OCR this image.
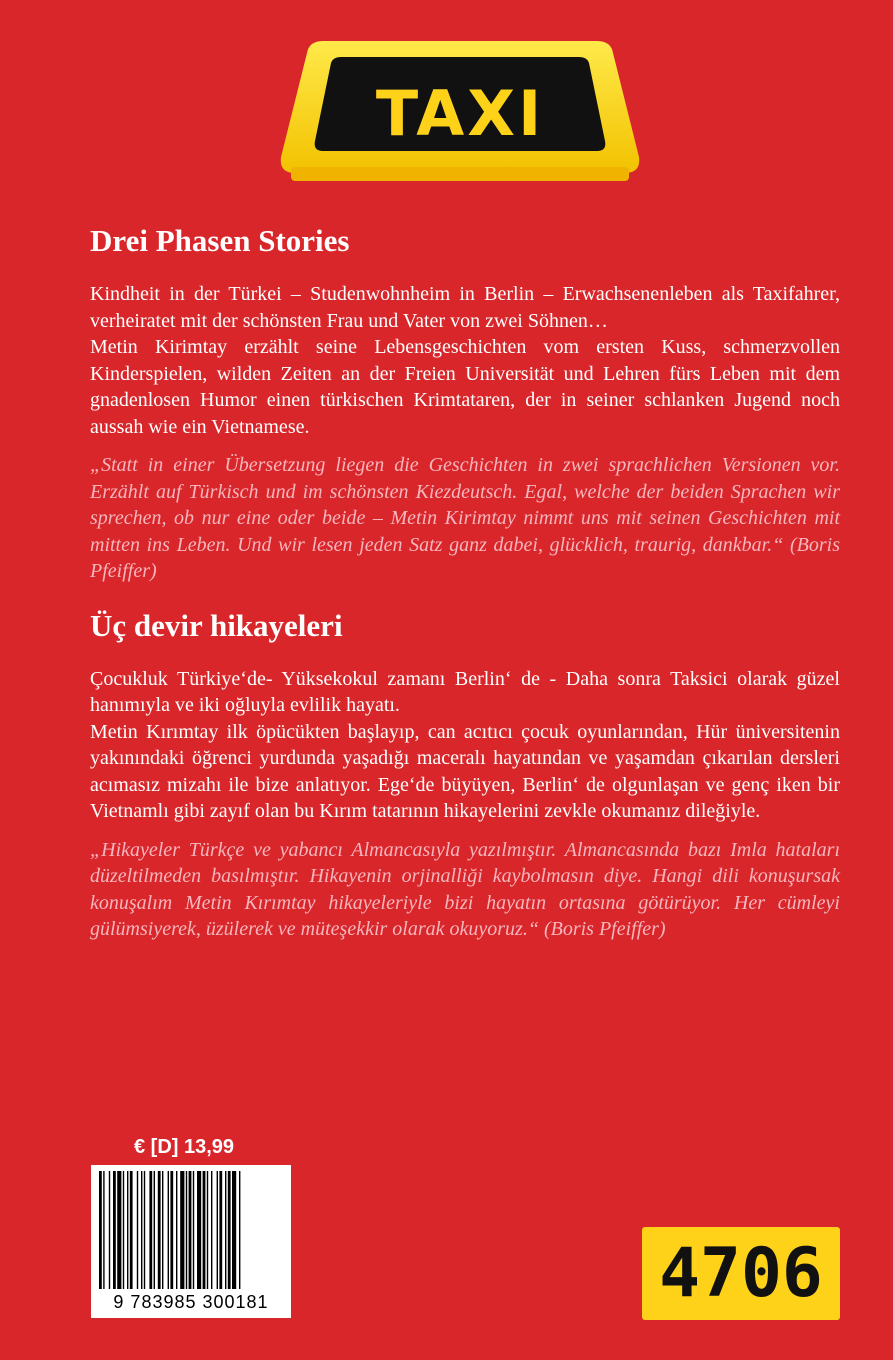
TAXI
Drei Phasen Stories

Kindheit in der Türkei – Studenwohnheim in Berlin – Erwachsenenleben als Taxifahrer, verheiratet mit der schönsten Frau und Vater von zwei Söhnen…

Metin Kirimtay erzählt seine Lebensgeschichten vom ersten Kuss, schmerzvollen Kinderspielen, wilden Zeiten an der Freien Universität und Lehren fürs Leben mit dem gnadenlosen Humor einen türkischen Krimtataren, der in seiner schlanken Jugend noch aussah wie ein Vietnamese.

„Statt in einer Übersetzung liegen die Geschichten in zwei sprachlichen Versionen vor. Erzählt auf Türkisch und im schönsten Kiezdeutsch. Egal, welche der beiden Sprachen wir sprechen, ob nur eine oder beide – Metin Kirimtay nimmt uns mit seinen Geschichten mit mitten ins Leben. Und wir lesen jeden Satz ganz dabei, glücklich, traurig, dankbar.“ (Boris Pfeiffer)

Üç devir hikayeleri

Çocukluk Türkiye‘de- Yüksekokul zamanı Berlin‘ de - Daha sonra Taksici olarak güzel hanımıyla ve iki oğluyla evlilik hayatı.

Metin Kırımtay ilk öpücükten başlayıp, can acıtıcı çocuk oyunlarından, Hür üniversitenin yakınındaki öğrenci yurdunda yaşadığı maceralı hayatından ve yaşamdan çıkarılan dersleri acımasız mizahı ile bize anlatıyor. Ege‘de büyüyen, Berlin‘ de olgunlaşan ve genç iken bir Vietnamlı gibi zayıf olan bu Kırım tatarının hikayelerini zevkle okumanız dileğiyle.

„Hikayeler Türkçe ve yabancı Almancasıyla yazılmıştır. Almancasında bazı Imla hataları düzeltilmeden basılmıştır. Hikayenin orjinalliği kaybolmasın diye. Hangi dili konuşursak konuşalım Metin Kırımtay hikayeleriyle bizi hayatın ortasına götürüyor. Her cümleyi gülümsiyerek, üzülerek ve müteşekkir olarak okuyoruz.“ (Boris Pfeiffer)

€ [D] 13,99
9 783985 300181	4706
